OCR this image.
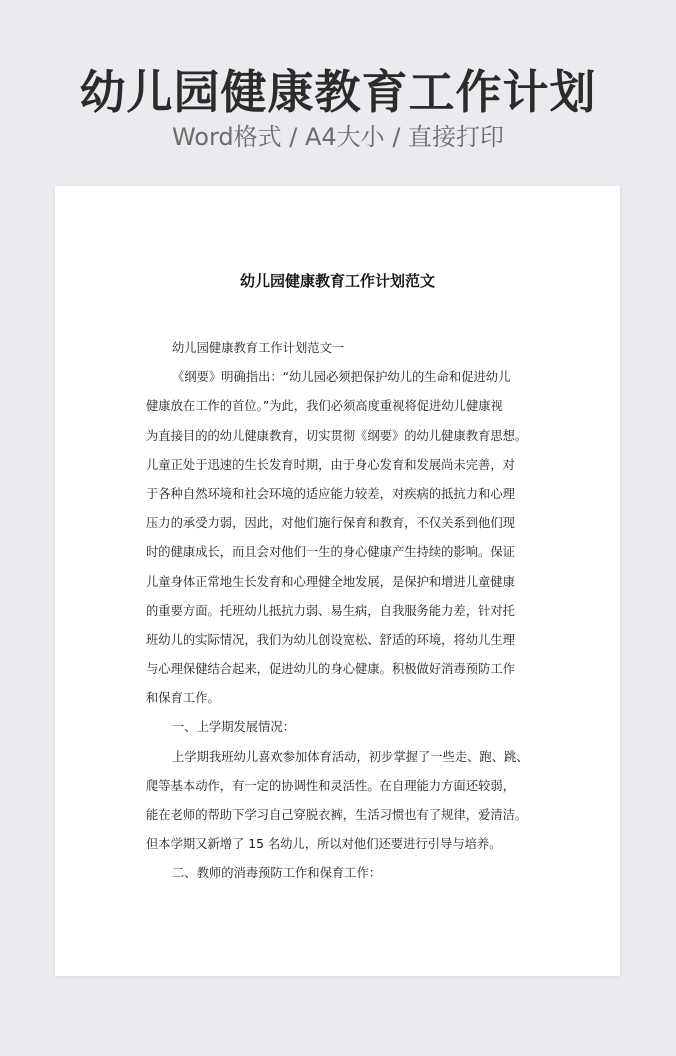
幼儿园健康教育工作计划
Word格式 / A4大小 / 直接打印
幼儿园健康教育工作计划范文
幼儿园健康教育工作计划范文一
《纲要》明确指出：“幼儿园必须把保护幼儿的生命和促进幼儿
健康放在工作的首位。”为此，我们必须高度重视将促进幼儿健康视
为直接目的的幼儿健康教育，切实贯彻《纲要》的幼儿健康教育思想。
儿童正处于迅速的生长发育时期，由于身心发育和发展尚未完善，对
于各种自然环境和社会环境的适应能力较差，对疾病的抵抗力和心理
压力的承受力弱，因此，对他们施行保育和教育，不仅关系到他们现
时的健康成长，而且会对他们一生的身心健康产生持续的影响。保证
儿童身体正常地生长发育和心理健全地发展，是保护和增进儿童健康
的重要方面。托班幼儿抵抗力弱、易生病，自我服务能力差，针对托
班幼儿的实际情况，我们为幼儿创设宽松、舒适的环境，将幼儿生理
与心理保健结合起来，促进幼儿的身心健康。积极做好消毒预防工作
和保育工作。
一、上学期发展情况：
上学期我班幼儿喜欢参加体育活动，初步掌握了一些走、跑、跳、
爬等基本动作，有一定的协调性和灵活性。在自理能力方面还较弱，
能在老师的帮助下学习自己穿脱衣裤，生活习惯也有了规律，爱清洁。
但本学期又新增了 15 名幼儿，所以对他们还要进行引导与培养。
二、教师的消毒预防工作和保育工作：
